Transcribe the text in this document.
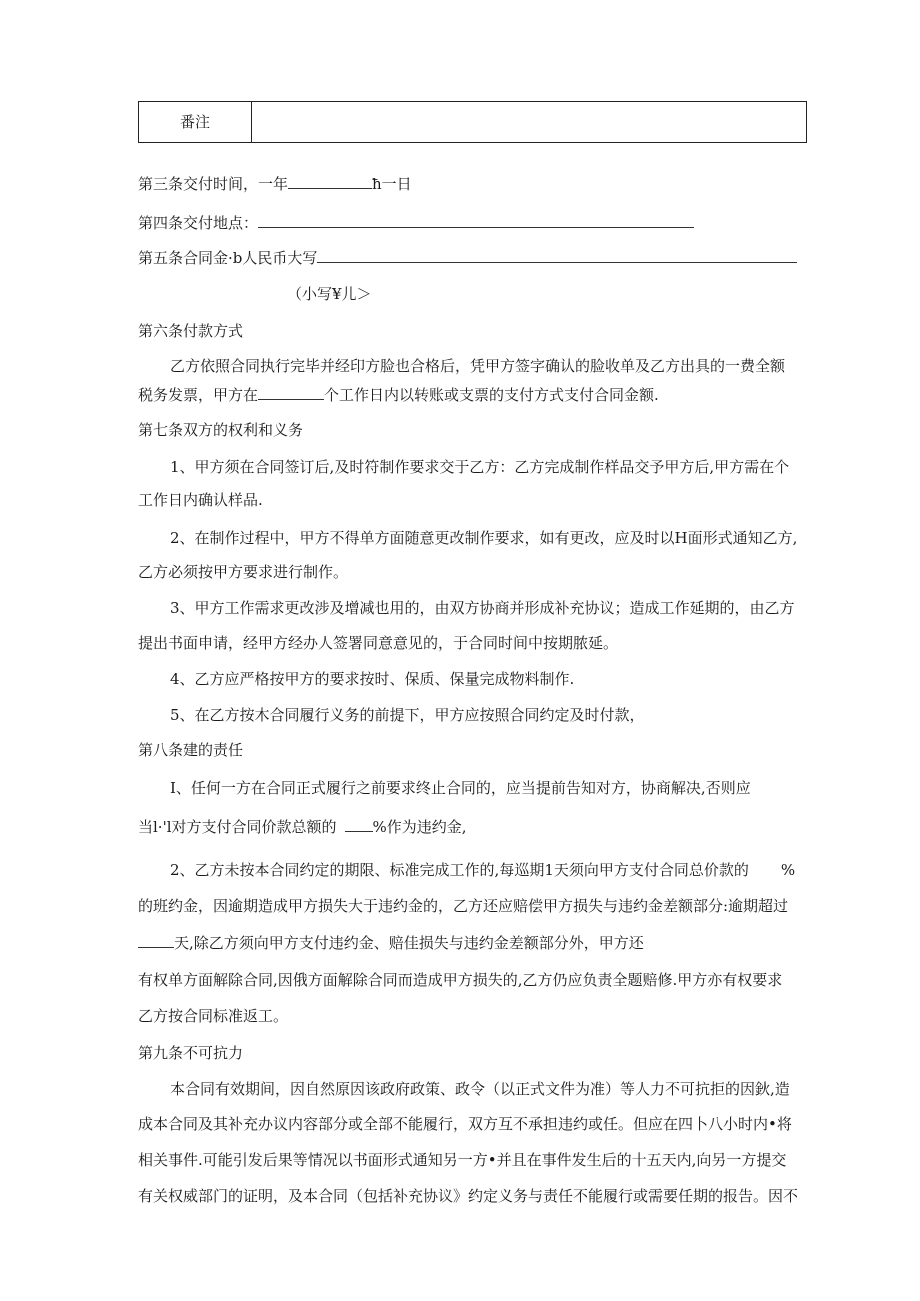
番注
第三条交付时间，一年	ħ一日
第四条交付地点：
第五条合同金·b人民币大写
（小写¥儿＞
第六条付款方式
乙方依照合同执行完毕并经印方脸也合格后，凭甲方签字确认的脸收单及乙方出具的一费全额
税务发票，甲方在	个工作日内以转账或支票的支付方式支付合同金额.
第七条双方的权利和义务
1、甲方须在合同签订后,及时符制作要求交于乙方：乙方完成制作样品交予甲方后,甲方需在个
工作日内确认样品.
2、在制作过程中，甲方不得单方面随意更改制作要求，如有更改，应及时以H面形式通知乙方,
乙方必须按甲方要求进行制作。
3、甲方工作需求更改涉及增减也用的，由双方协商并形成补充协议；造成工作延期的，由乙方
提出书面申请，经甲方经办人签署同意意见的，于合同时间中按期脓延。
4、乙方应严格按甲方的要求按时、保质、保量完成物料制作.
5、在乙方按木合同履行义务的前提下，甲方应按照合同约定及时付款，
第八条建的责任
I、任何一方在合同正式履行之前要求终止合同的，应当提前告知对方，协商解决,否则应
当l·'l对方支付合同价款总额的 %作为违约金,
2、乙方未按本合同约定的期限、标准完成工作的,每巡期1天须向甲方支付合同总价款的 %
的班约金，因逾期造成甲方损失大于违约金的，乙方还应赔偿甲方损失与违约金差额部分:逾期超过
天,除乙方须向甲方支付违约金、赔佳损失与违约金差额部分外，甲方还
有权单方面解除合同,因俄方面解除合同而造成甲方损失的,乙方仍应负责全题赔修.甲方亦有权要求
乙方按合同标准返工。
第九条不可抗力
本合同有效期间，因自然原因该政府政策、政令（以正式文件为准）等人力不可抗拒的因鈥,造
成本合同及其补充办议内容部分或全部不能履行，双方互不承担违约或任。但应在四卜八小时内•将
相关事件.可能引发后果等情况以书面形式通知另一方•并且在事件发生后的十五天内,向另一方提交
有关权威部门的证明，及本合同（包括补充协议》约定义务与责任不能履行或需要任期的报告。因不
